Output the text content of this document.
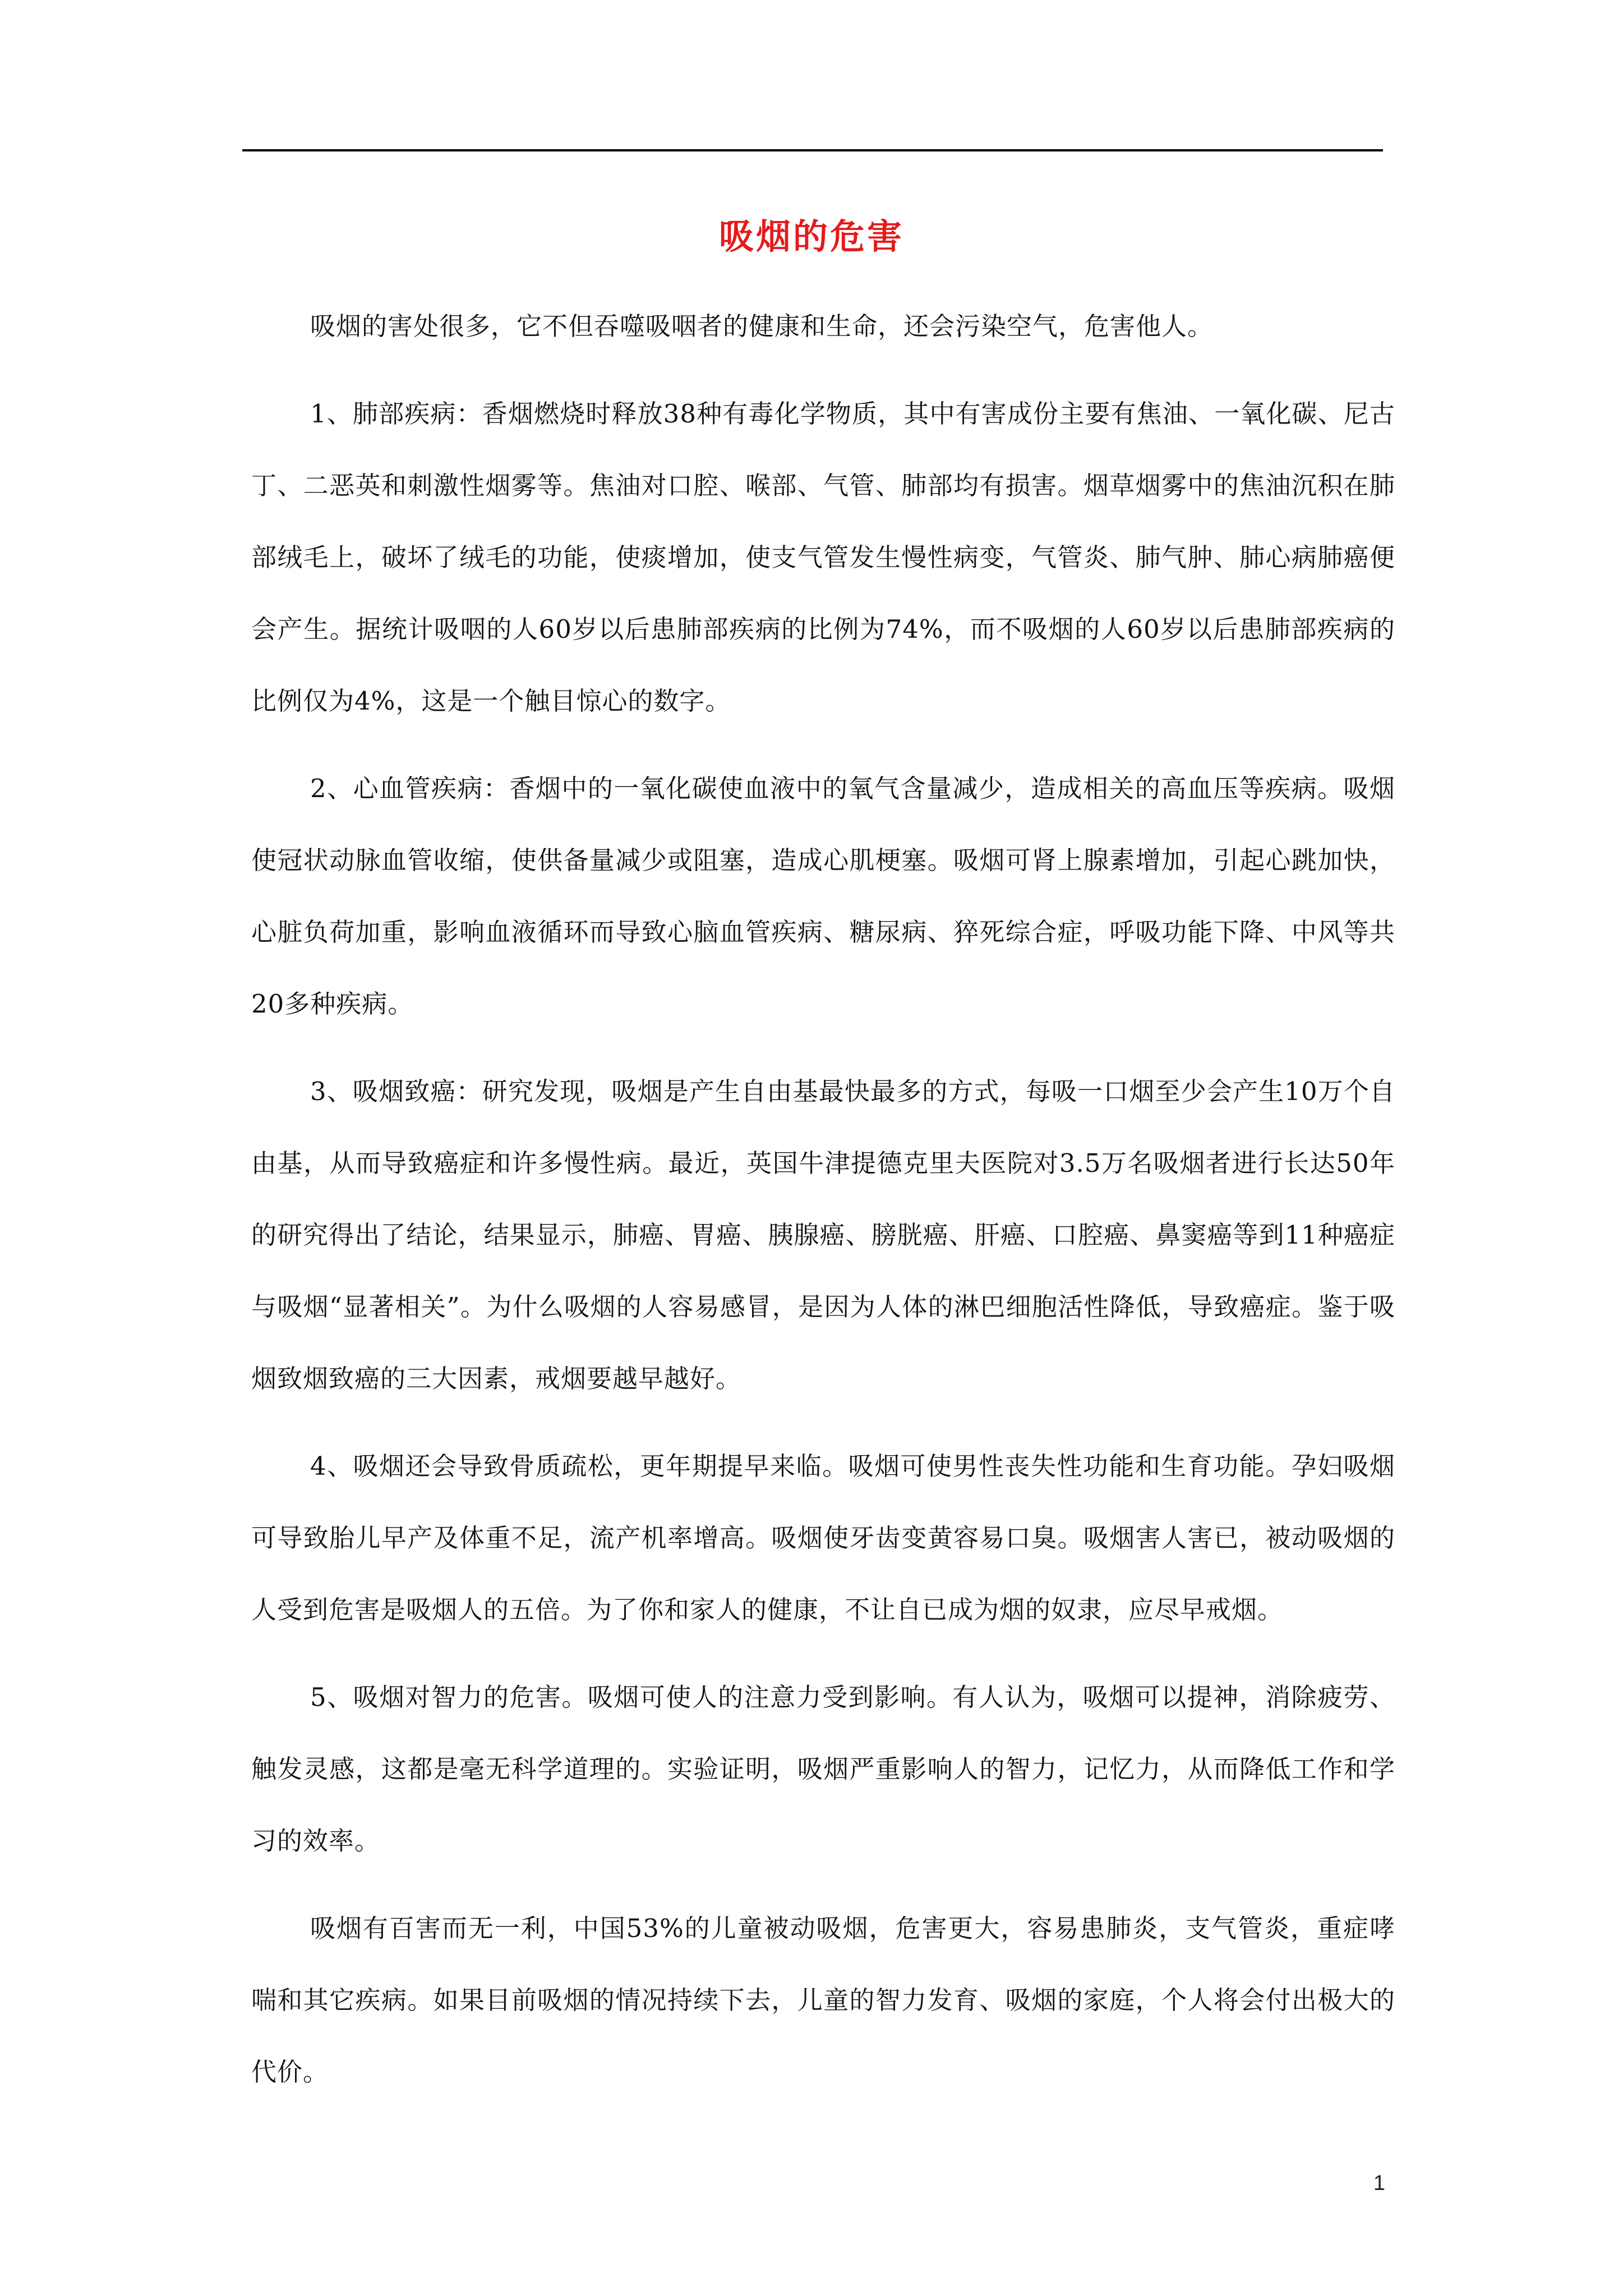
吸烟的危害

吸烟的害处很多，它不但吞噬吸咽者的健康和生命，还会污染空气，危害他人。

1、肺部疾病：香烟燃烧时释放38种有毒化学物质，其中有害成份主要有焦油、一氧化碳、尼古丁、二恶英和刺激性烟雾等。焦油对口腔、喉部、气管、肺部均有损害。烟草烟雾中的焦油沉积在肺部绒毛上，破坏了绒毛的功能，使痰增加，使支气管发生慢性病变，气管炎、肺气肿、肺心病肺癌便会产生。据统计吸咽的人60岁以后患肺部疾病的比例为74%，而不吸烟的人60岁以后患肺部疾病的比例仅为4%，这是一个触目惊心的数字。

2、心血管疾病：香烟中的一氧化碳使血液中的氧气含量减少，造成相关的高血压等疾病。吸烟使冠状动脉血管收缩，使供备量减少或阻塞，造成心肌梗塞。吸烟可肾上腺素增加，引起心跳加快，心脏负荷加重，影响血液循环而导致心脑血管疾病、糖尿病、猝死综合症，呼吸功能下降、中风等共20多种疾病。

3、吸烟致癌：研究发现，吸烟是产生自由基最快最多的方式，每吸一口烟至少会产生10万个自由基，从而导致癌症和许多慢性病。最近，英国牛津提德克里夫医院对3.5万名吸烟者进行长达50年的研究得出了结论，结果显示，肺癌、胃癌、胰腺癌、膀胱癌、肝癌、口腔癌、鼻窦癌等到11种癌症与吸烟“显著相关”。为什么吸烟的人容易感冒，是因为人体的淋巴细胞活性降低，导致癌症。鉴于吸烟致烟致癌的三大因素，戒烟要越早越好。

4、吸烟还会导致骨质疏松，更年期提早来临。吸烟可使男性丧失性功能和生育功能。孕妇吸烟可导致胎儿早产及体重不足，流产机率增高。吸烟使牙齿变黄容易口臭。吸烟害人害已，被动吸烟的人受到危害是吸烟人的五倍。为了你和家人的健康，不让自已成为烟的奴隶，应尽早戒烟。

5、吸烟对智力的危害。吸烟可使人的注意力受到影响。有人认为，吸烟可以提神，消除疲劳、触发灵感，这都是毫无科学道理的。实验证明，吸烟严重影响人的智力，记忆力，从而降低工作和学习的效率。

吸烟有百害而无一利，中国53%的儿童被动吸烟，危害更大，容易患肺炎，支气管炎，重症哮喘和其它疾病。如果目前吸烟的情况持续下去，儿童的智力发育、吸烟的家庭，个人将会付出极大的代价。

1
